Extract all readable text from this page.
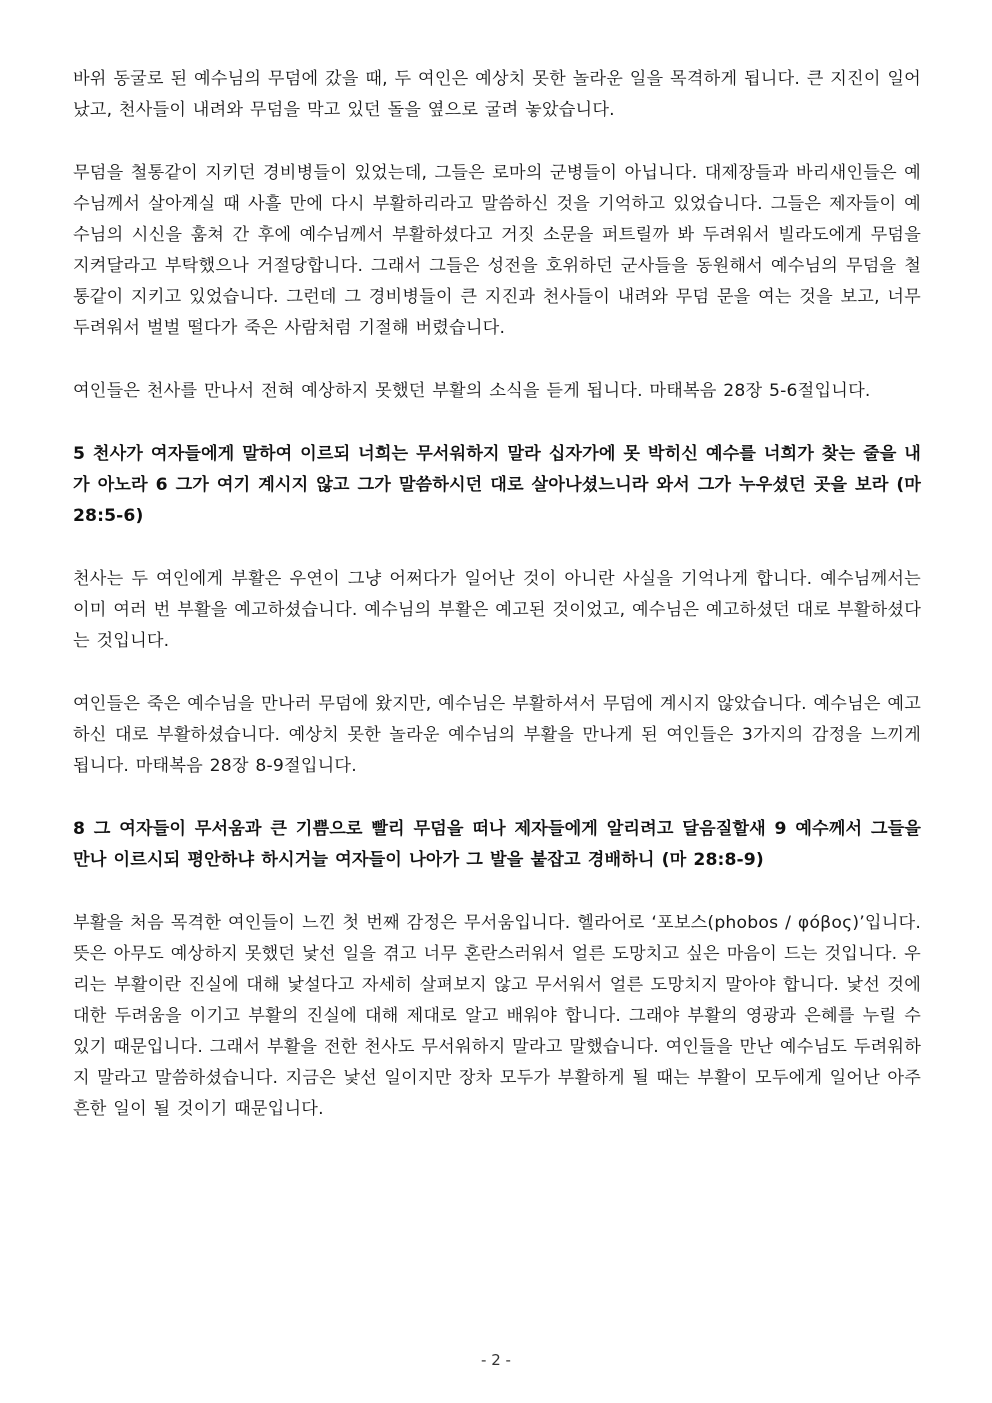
바위 동굴로 된 예수님의 무덤에 갔을 때, 두 여인은 예상치 못한 놀라운 일을 목격하게 됩니다. 큰 지진이 일어났고, 천사들이 내려와 무덤을 막고 있던 돌을 옆으로 굴려 놓았습니다.

무덤을 철통같이 지키던 경비병들이 있었는데, 그들은 로마의 군병들이 아닙니다. 대제장들과 바리새인들은 예수님께서 살아계실 때 사흘 만에 다시 부활하리라고 말씀하신 것을 기억하고 있었습니다. 그들은 제자들이 예수님의 시신을 훔쳐 간 후에 예수님께서 부활하셨다고 거짓 소문을 퍼트릴까 봐 두려워서 빌라도에게 무덤을 지켜달라고 부탁했으나 거절당합니다. 그래서 그들은 성전을 호위하던 군사들을 동원해서 예수님의 무덤을 철통같이 지키고 있었습니다. 그런데 그 경비병들이 큰 지진과 천사들이 내려와 무덤 문을 여는 것을 보고, 너무 두려워서 벌벌 떨다가 죽은 사람처럼 기절해 버렸습니다.

여인들은 천사를 만나서 전혀 예상하지 못했던 부활의 소식을 듣게 됩니다. 마태복음 28장 5-6절입니다.

5 천사가 여자들에게 말하여 이르되 너희는 무서워하지 말라 십자가에 못 박히신 예수를 너희가 찾는 줄을 내가 아노라 6 그가 여기 계시지 않고 그가 말씀하시던 대로 살아나셨느니라 와서 그가 누우셨던 곳을 보라 (마 28:5-6)

천사는 두 여인에게 부활은 우연이 그냥 어쩌다가 일어난 것이 아니란 사실을 기억나게 합니다. 예수님께서는 이미 여러 번 부활을 예고하셨습니다. 예수님의 부활은 예고된 것이었고, 예수님은 예고하셨던 대로 부활하셨다는 것입니다.

여인들은 죽은 예수님을 만나러 무덤에 왔지만, 예수님은 부활하셔서 무덤에 계시지 않았습니다. 예수님은 예고하신 대로 부활하셨습니다. 예상치 못한 놀라운 예수님의 부활을 만나게 된 여인들은 3가지의 감정을 느끼게 됩니다. 마태복음 28장 8-9절입니다.

8 그 여자들이 무서움과 큰 기쁨으로 빨리 무덤을 떠나 제자들에게 알리려고 달음질할새 9 예수께서 그들을 만나 이르시되 평안하냐 하시거늘 여자들이 나아가 그 발을 붙잡고 경배하니 (마 28:8-9)

부활을 처음 목격한 여인들이 느낀 첫 번째 감정은 무서움입니다. 헬라어로 ‘포보스(phobos / φόβος)’입니다. 뜻은 아무도 예상하지 못했던 낯선 일을 겪고 너무 혼란스러워서 얼른 도망치고 싶은 마음이 드는 것입니다. 우리는 부활이란 진실에 대해 낯설다고 자세히 살펴보지 않고 무서워서 얼른 도망치지 말아야 합니다. 낯선 것에 대한 두려움을 이기고 부활의 진실에 대해 제대로 알고 배워야 합니다. 그래야 부활의 영광과 은혜를 누릴 수 있기 때문입니다. 그래서 부활을 전한 천사도 무서워하지 말라고 말했습니다. 여인들을 만난 예수님도 두려워하지 말라고 말씀하셨습니다. 지금은 낯선 일이지만 장차 모두가 부활하게 될 때는 부활이 모두에게 일어난 아주 흔한 일이 될 것이기 때문입니다.

- 2 -
